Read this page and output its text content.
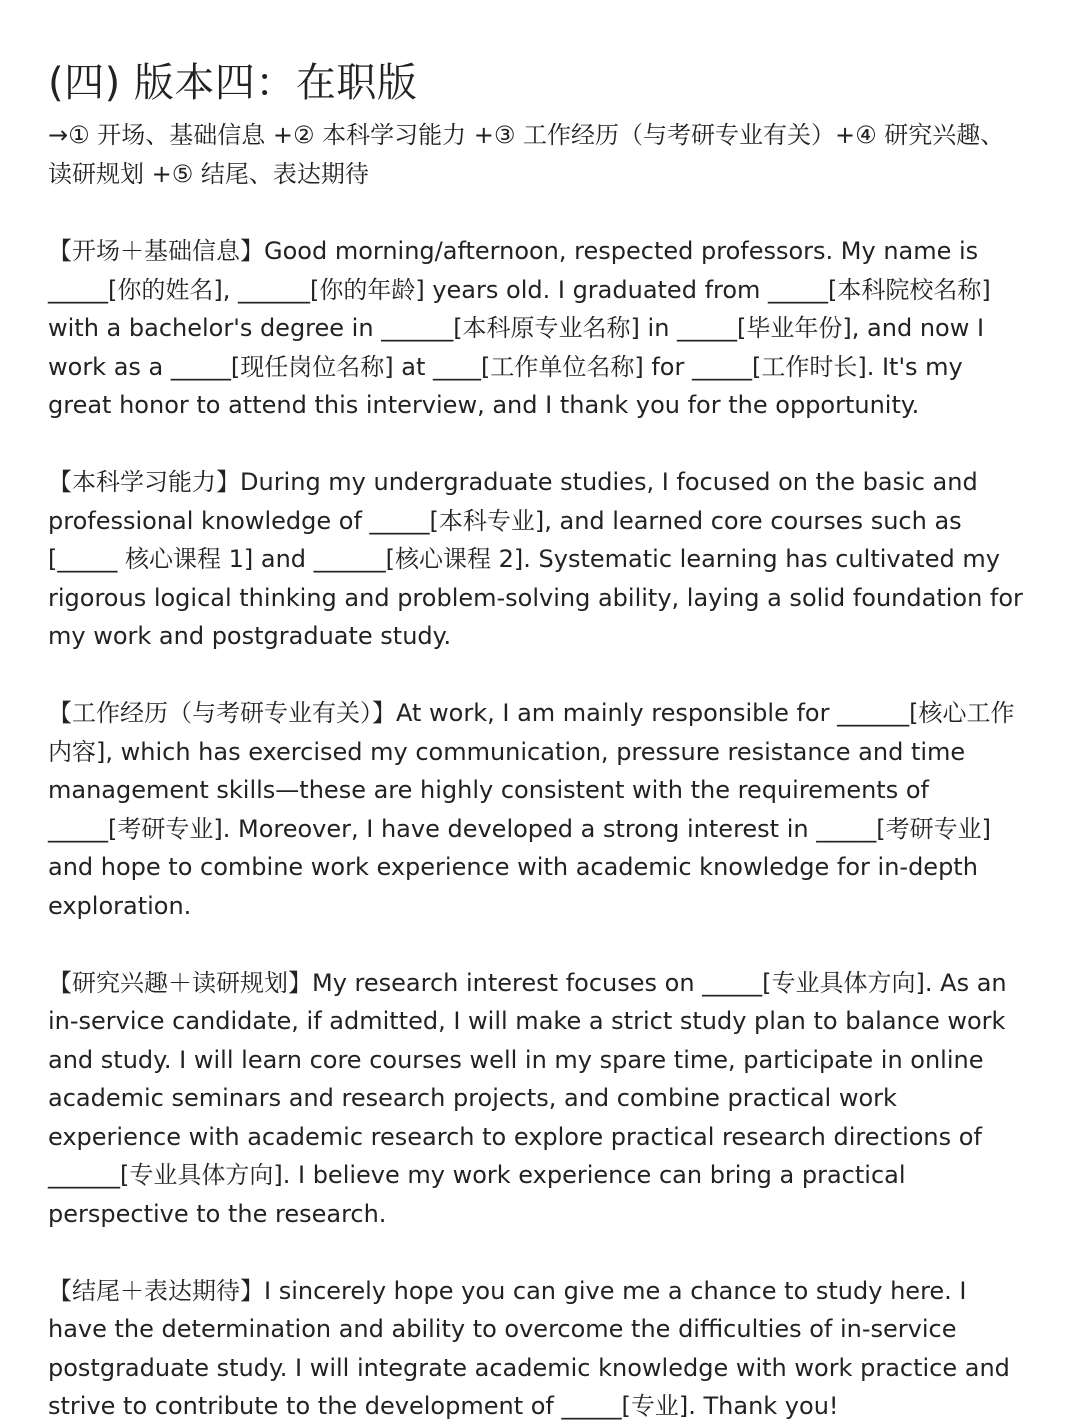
(四) 版本四：在职版

→① 开场、基础信息 +② 本科学习能力 +③ 工作经历（与考研专业有关）+④ 研究兴趣、读研规划 +⑤ 结尾、表达期待

【开场＋基础信息】Good morning/afternoon, respected professors. My name is _____[你的姓名], ______[你的年龄] years old. I graduated from _____[本科院校名称] with a bachelor's degree in ______[本科原专业名称] in _____[毕业年份], and now I work as a _____[现任岗位名称] at ____[工作单位名称] for _____[工作时长]. It's my great honor to attend this interview, and I thank you for the opportunity.

【本科学习能力】During my undergraduate studies, I focused on the basic and professional knowledge of _____[本科专业], and learned core courses such as [_____ 核心课程 1] and ______[核心课程 2]. Systematic learning has cultivated my rigorous logical thinking and problem-solving ability, laying a solid foundation for my work and postgraduate study.

【工作经历（与考研专业有关）】At work, I am mainly responsible for ______[核心工作内容], which has exercised my communication, pressure resistance and time management skills—these are highly consistent with the requirements of _____[考研专业]. Moreover, I have developed a strong interest in _____[考研专业] and hope to combine work experience with academic knowledge for in-depth exploration.

【研究兴趣＋读研规划】My research interest focuses on _____[专业具体方向]. As an in-service candidate, if admitted, I will make a strict study plan to balance work and study. I will learn core courses well in my spare time, participate in online academic seminars and research projects, and combine practical work experience with academic research to explore practical research directions of ______[专业具体方向]. I believe my work experience can bring a practical perspective to the research.

【结尾＋表达期待】I sincerely hope you can give me a chance to study here. I have the determination and ability to overcome the difficulties of in-service postgraduate study. I will integrate academic knowledge with work practice and strive to contribute to the development of _____[专业]. Thank you!
